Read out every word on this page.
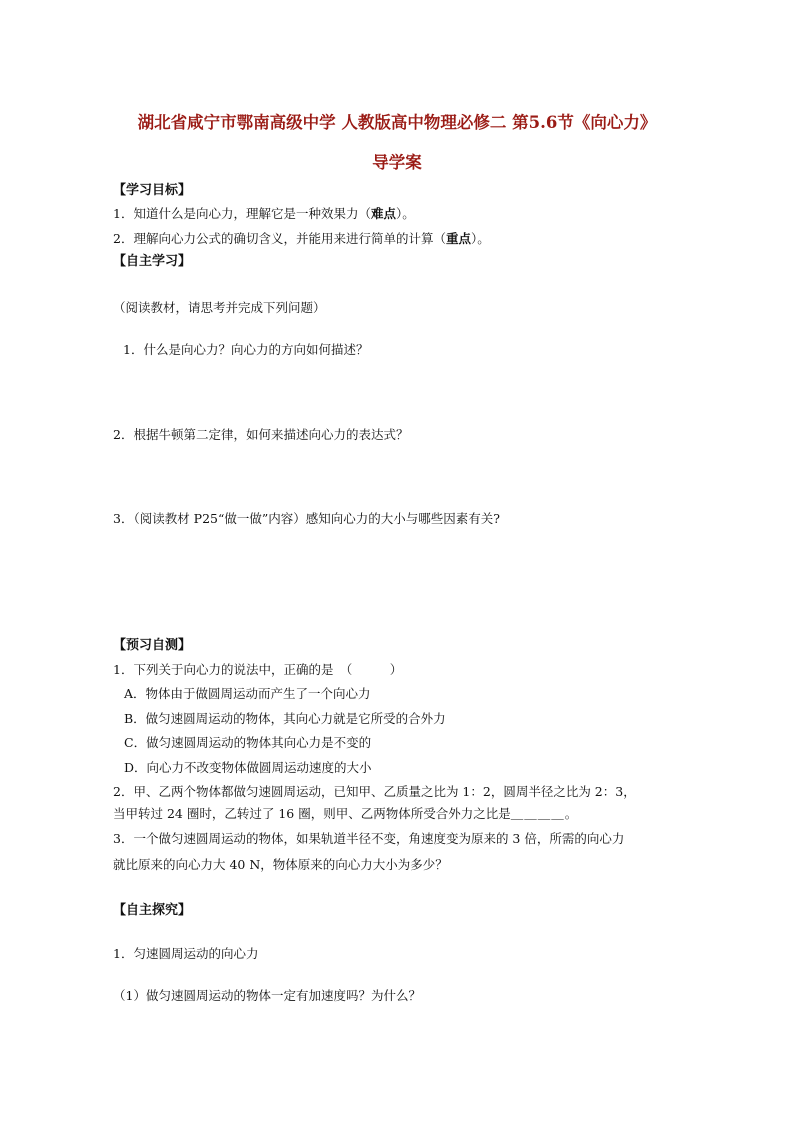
湖北省咸宁市鄂南高级中学 人教版高中物理必修二 第5.6节《向心力》
导学案
【学习目标】
1．知道什么是向心力，理解它是一种效果力（难点）。
2．理解向心力公式的确切含义，并能用来进行简单的计算（重点）。
【自主学习】
（阅读教材，请思考并完成下列问题）
1．什么是向心力？向心力的方向如何描述？
2．根据牛顿第二定律，如何来描述向心力的表达式？
3．（阅读教材 P25“做一做”内容）感知向心力的大小与哪些因素有关?
【预习自测】
1．下列关于向心力的说法中，正确的是　（　　　）
A．物体由于做圆周运动而产生了一个向心力
B．做匀速圆周运动的物体，其向心力就是它所受的合外力
C．做匀速圆周运动的物体其向心力是不变的
D．向心力不改变物体做圆周运动速度的大小
2．甲、乙两个物体都做匀速圆周运动，已知甲、乙质量之比为 1：2，圆周半径之比为 2：3，
当甲转过 24 圈时，乙转过了 16 圈，则甲、乙两物体所受合外力之比是＿＿＿＿。
3．一个做匀速圆周运动的物体，如果轨道半径不变，角速度变为原来的 3 倍，所需的向心力
就比原来的向心力大 40 N，物体原来的向心力大小为多少？
【自主探究】
1．匀速圆周运动的向心力
（1）做匀速圆周运动的物体一定有加速度吗？为什么？
